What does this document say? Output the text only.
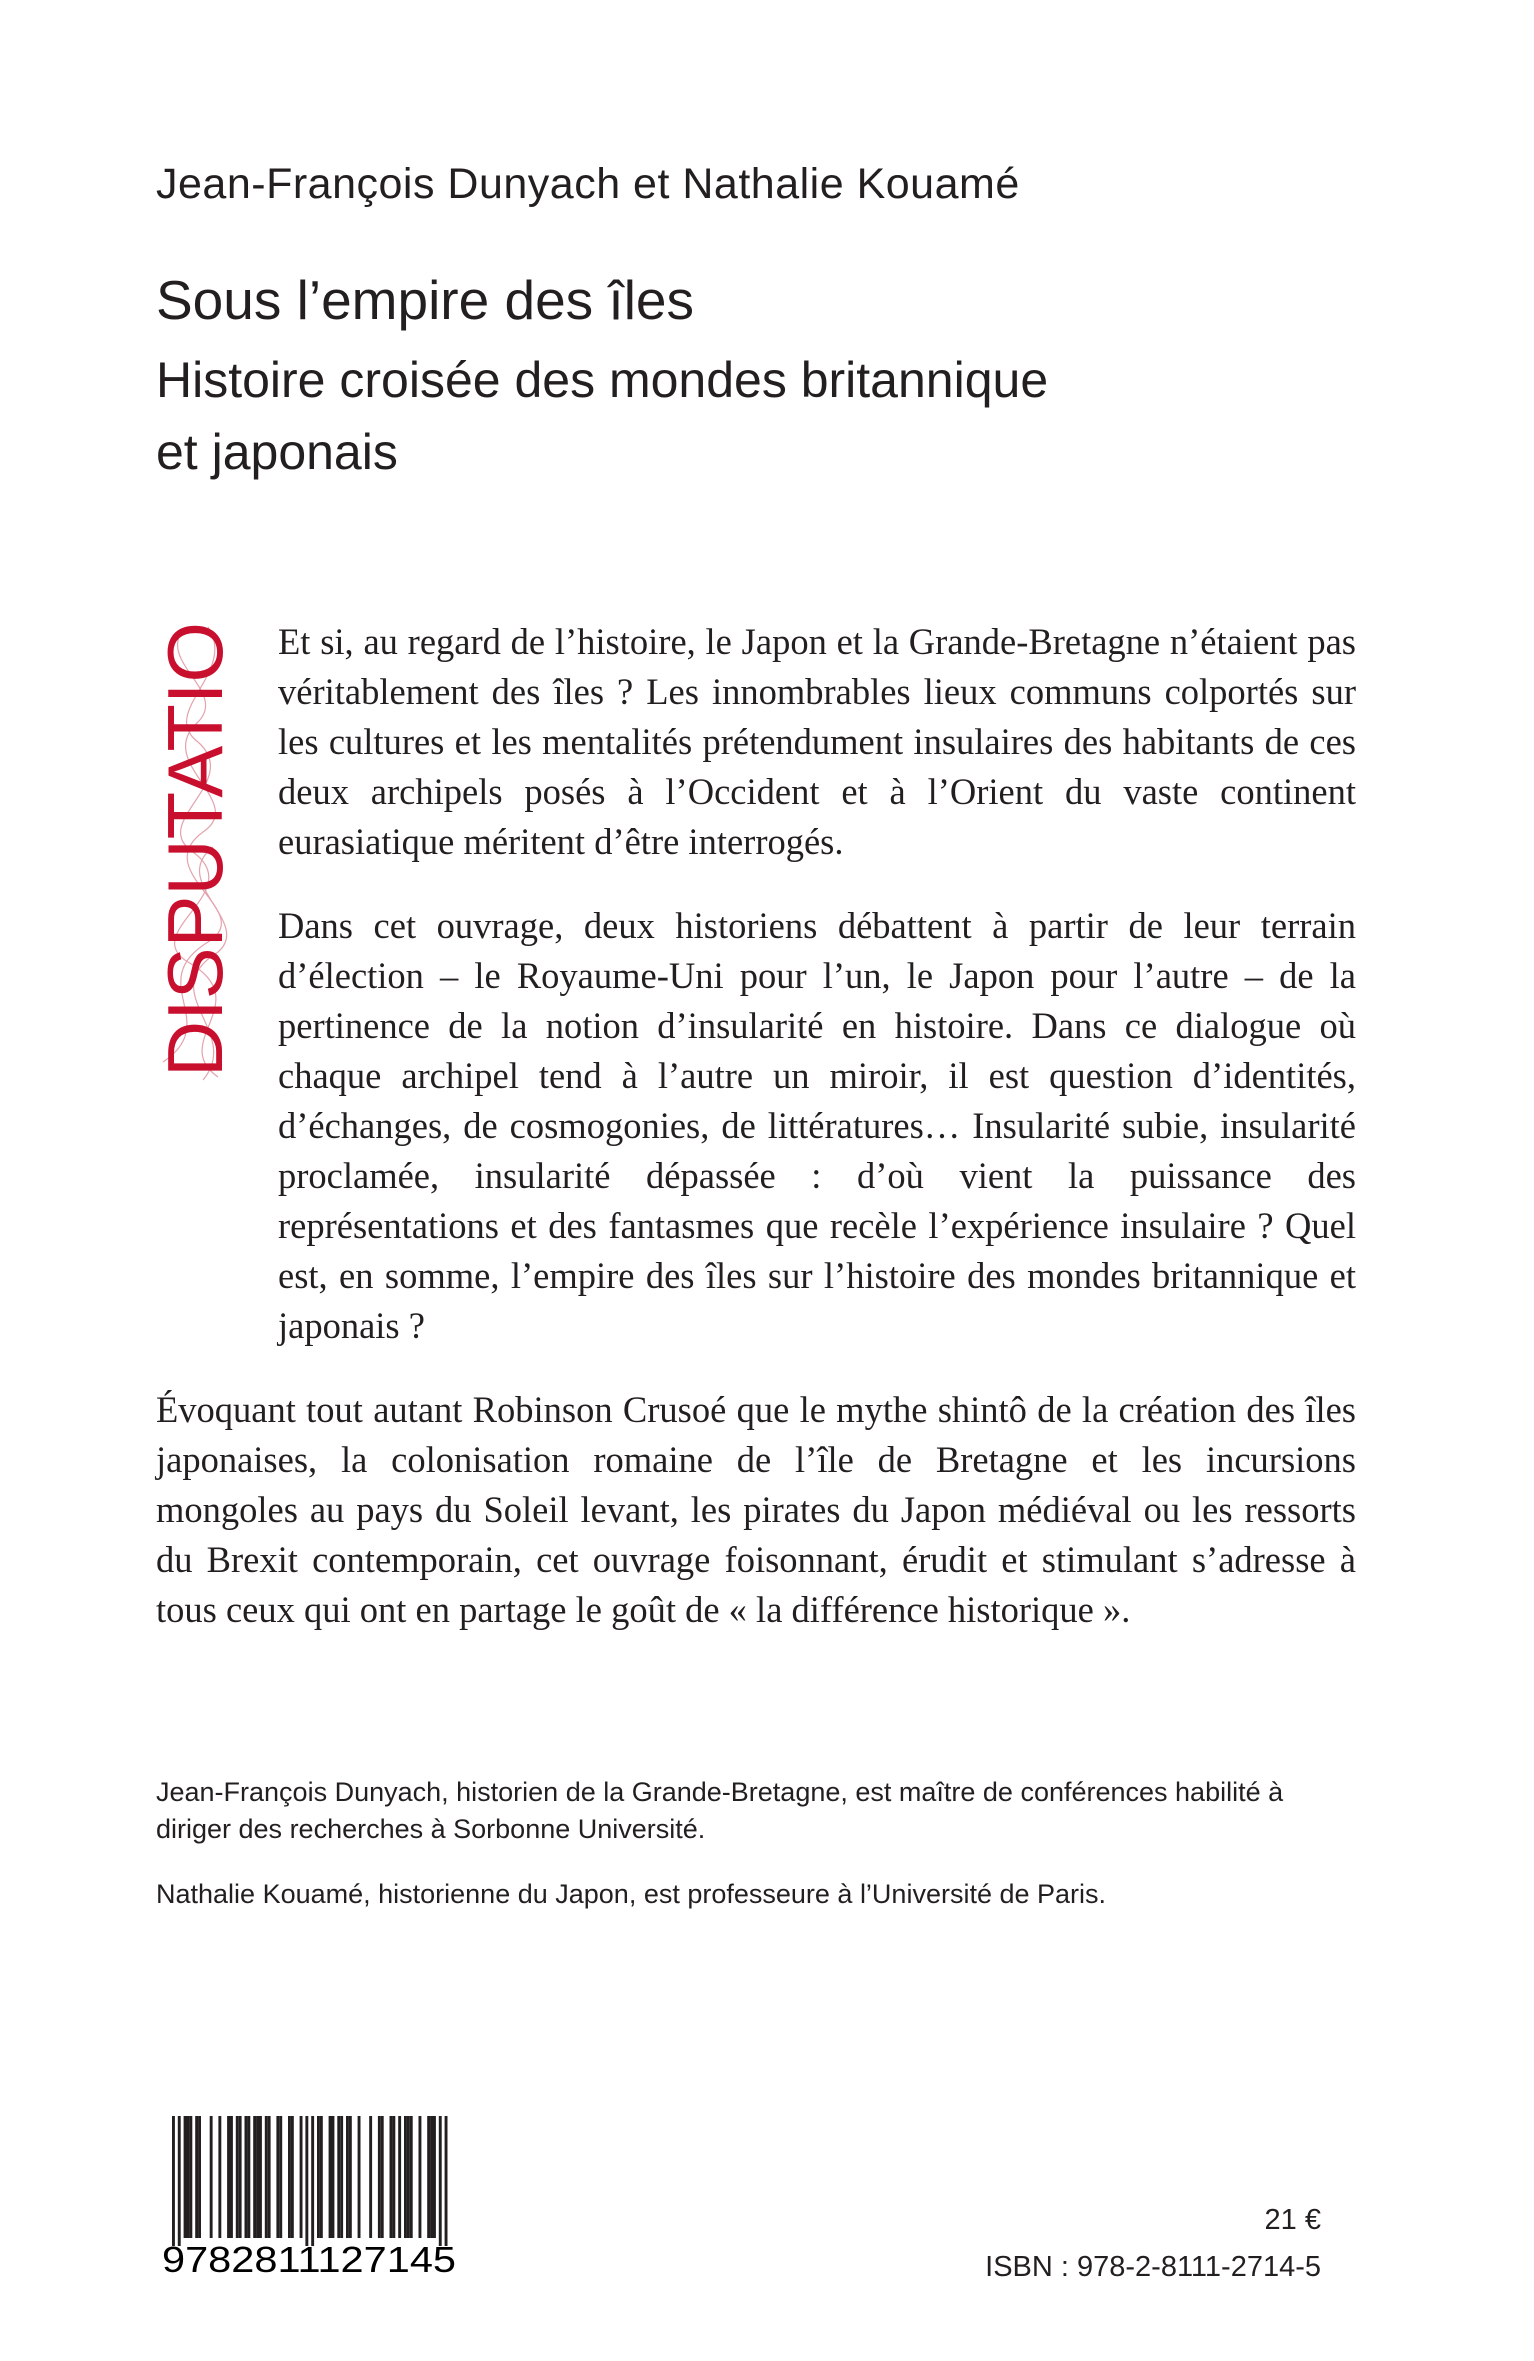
Jean-François Dunyach et Nathalie Kouamé
Sous l’empire des îles
Histoire croisée des mondes britannique
et japonais
DISPUTATIO	Et si, au regard de l’histoire, le Japon et la Grande-Bretagne n’étaient pas véritablement des îles ? Les innombrables lieux communs colportés sur les cultures et les mentalités prétendument insulaires des habitants de ces deux archipels posés à l’Occident et à l’Orient du vaste continent eurasiatique méritent d’être interrogés.

Dans cet ouvrage, deux historiens débattent à partir de leur terrain d’élection – le Royaume-Uni pour l’un, le Japon pour l’autre – de la pertinence de la notion d’insularité en histoire. Dans ce dialogue où chaque archipel tend à l’autre un miroir, il est question d’identités, d’échanges, de cosmogonies, de littératures… Insularité subie, insularité proclamée, insularité dépassée : d’où vient la puissance des représentations et des fantasmes que recèle l’expérience insulaire ? Quel est, en somme, l’empire des îles sur l’histoire des mondes britannique et japonais ?

Évoquant tout autant Robinson Crusoé que le mythe shintô de la création des îles japonaises, la colonisation romaine de l’île de Bretagne et les incursions mongoles au pays du Soleil levant, les pirates du Japon médiéval ou les ressorts du Brexit contemporain, cet ouvrage foisonnant, érudit et stimulant s’adresse à tous ceux qui ont en partage le goût de « la différence historique ».

Jean-François Dunyach, historien de la Grande-Bretagne, est maître de conférences habilité à diriger des recherches à Sorbonne Université.

Nathalie Kouamé, historienne du Japon, est professeure à l’Université de Paris.

9782811127145
21 €
ISBN : 978-2-8111-2714-5
